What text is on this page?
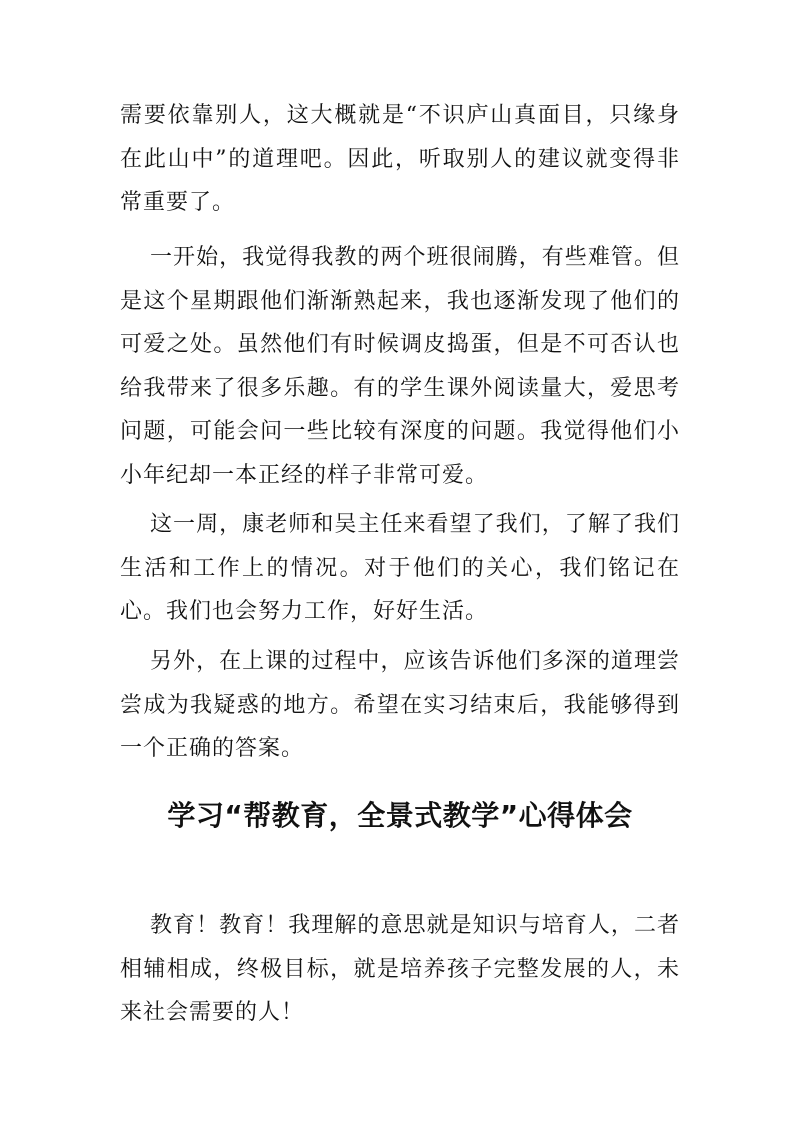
需要依靠别人，这大概就是“不识庐山真面目，只缘身在此山中”的道理吧。因此，听取别人的建议就变得非常重要了。

一开始，我觉得我教的两个班很闹腾，有些难管。但是这个星期跟他们渐渐熟起来，我也逐渐发现了他们的可爱之处。虽然他们有时候调皮捣蛋，但是不可否认也给我带来了很多乐趣。有的学生课外阅读量大，爱思考问题，可能会问一些比较有深度的问题。我觉得他们小小年纪却一本正经的样子非常可爱。

这一周，康老师和吴主任来看望了我们，了解了我们生活和工作上的情况。对于他们的关心，我们铭记在心。我们也会努力工作，好好生活。

另外，在上课的过程中，应该告诉他们多深的道理尝尝成为我疑惑的地方。希望在实习结束后，我能够得到一个正确的答案。

学习“帮教育，全景式教学”心得体会

教育！教育！我理解的意思就是知识与培育人，二者相辅相成，终极目标，就是培养孩子完整发展的人，未来社会需要的人！
